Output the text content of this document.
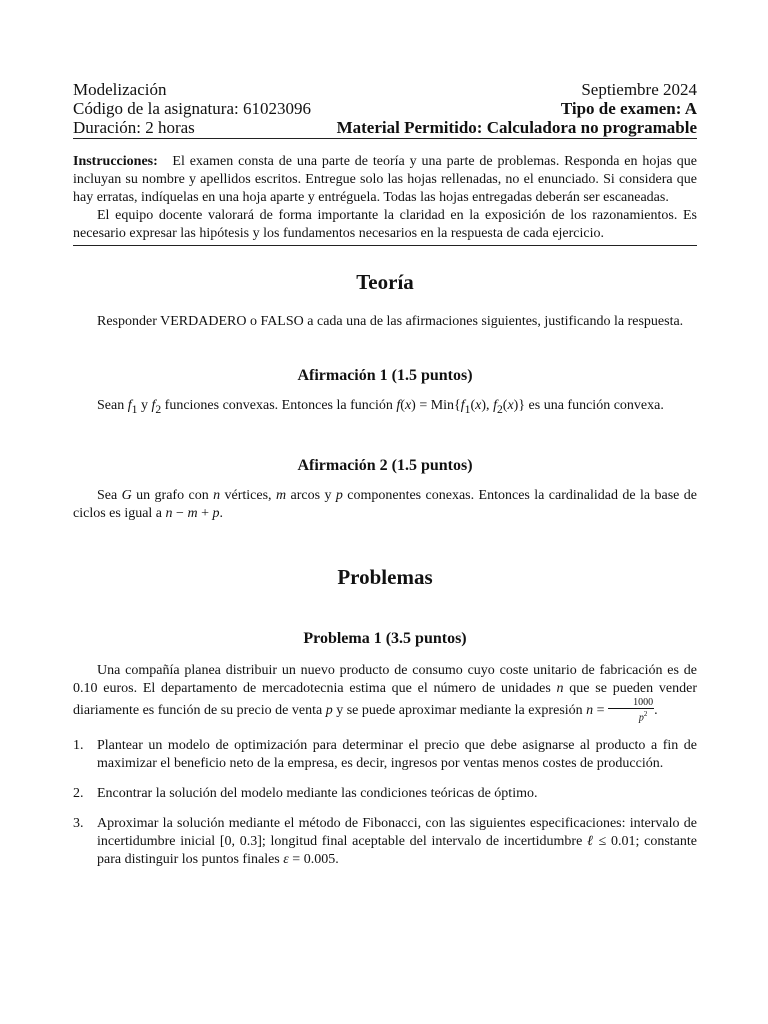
Modelización	Septiembre 2024
Código de la asignatura: 61023096	Tipo de examen: A
Duración: 2 horas	Material Permitido: Calculadora no programable

Instrucciones: El examen consta de una parte de teoría y una parte de problemas. Responda en hojas que incluyan su nombre y apellidos escritos. Entregue solo las hojas rellenadas, no el enunciado. Si considera que hay erratas, indíquelas en una hoja aparte y entréguela. Todas las hojas entregadas deberán ser escaneadas.

El equipo docente valorará de forma importante la claridad en la exposición de los razonamientos. Es necesario expresar las hipótesis y los fundamentos necesarios en la respuesta de cada ejercicio.

Teoría

Responder VERDADERO o FALSO a cada una de las afirmaciones siguientes, justificando la respuesta.

Afirmación 1 (1.5 puntos)

Sean $f_1$ y $f_2$ funciones convexas. Entonces la función $f(x) = Min\{f_1(x)$, $f_2(x)$} es una función convexa.

Afirmación 2 (1.5 puntos)

Sea G un grafo con n vértices, m arcos y p componentes conexas. Entonces la cardinalidad de la base de ciclos es igual a n − m + p.

Problemas
Problema 1 (3.5 puntos)

Una compañía planea distribuir un nuevo producto de consumo cuyo coste unitario de fabricación es de 0.10 euros. El departamento de mercadotecnia estima que el número de unidades n que se pueden vender diariamente es función de su precio de venta p y se puede aproximar mediante la expresión $n = \frac{1000}{p^2}$ .

1. Plantear un modelo de optimización para determinar el precio que debe asignarse al producto a fin de maximizar el beneficio neto de la empresa, es decir, ingresos por ventas menos costes de producción.
2. Encontrar la solución del modelo mediante las condiciones teóricas de óptimo.
3. Aproximar la solución mediante el método de Fibonacci, con las siguientes especificaciones: intervalo de incertidumbre inicial [0, 0.3]; longitud final aceptable del intervalo de incertidumbre ℓ ≤ 0.01; constante para distinguir los puntos finales ε = 0.005.
